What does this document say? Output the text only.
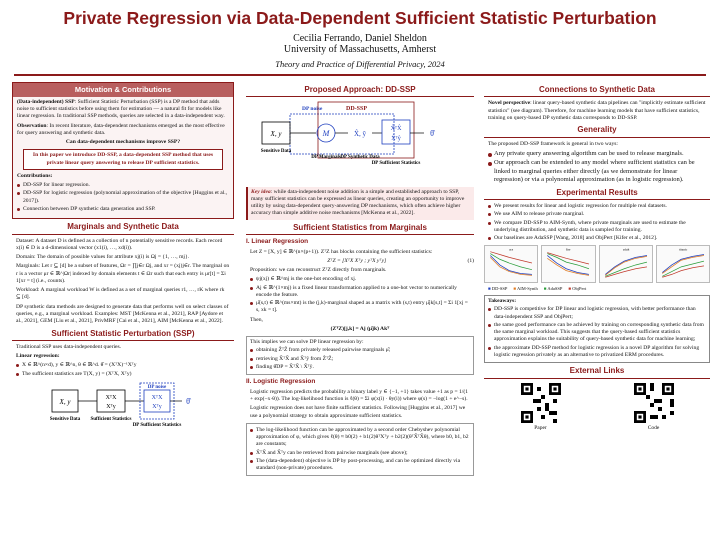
Private Regression via Data-Dependent Sufficient Statistic Perturbation
Cecilia Ferrando, Daniel Sheldon
University of Massachusetts, Amherst
Theory and Practice of Differential Privacy, 2024
Motivation & Contributions
(Data-independent) SSP: Sufficient Statistic Perturbation (SSP) is a DP method that adds noise to sufficient statistics before using them for estimation — a natural fit for models like linear regression. In traditional SSP methods, queries are selected in a data-independent way.
Observation: In recent literature, data-dependent mechanisms emerged as the most effective for query answering and synthetic data.
Can data-dependent mechanisms improve SSP?
In this paper we introduce DD-SSP, a data-dependent SSP method that uses private linear query answering to release DP sufficient statistics.
Contributions:
DD-SSP for linear regression.
DD-SSP for logistic regression (polynomial approximation of the objective [Huggins et al., 2017]).
Connection between DP synthetic data generation and SSP.
Marginals and Synthetic Data
Dataset: A dataset D is defined as a collection of n potentially sensitive records. Each record x(i) ∈ D is a d-dimensional vector (x1(i), …, xd(i)).
Domain: The domain of possible values for attribute xj(i) is Ωj = {1, …, mj}.
Marginals: Let r ⊆ [d] be a subset of features, Ωr = ∏j∈r Ωj, and xr = (xj)j∈r. The marginal on r is a vector μr ∈ ℝ^|Ωr| indexed by domain elements t ∈ Ωr such that each entry is μr[t] = Σi 1[xr = t] (i.e., counts).
Workload: A marginal workload W is defined as a set of marginal queries r1, …, rK where rk ⊆ [d].
DP synthetic data methods are designed to generate data that performs well on select classes of queries, e.g., a marginal workload. Examples: MST [McKenna et al., 2021], RAP [Aydore et al., 2021], GEM [Liu et al., 2021], PrivMRF [Cai et al., 2021], AIM [McKenna et al., 2022].
Sufficient Statistic Perturbation (SSP)
Traditional SSP uses data-independent queries.
Linear regression:
X ∈ ℝ^(n×d), y ∈ ℝ^n, θ ∈ ℝ^d. θ̂ = (XᵀX)⁻¹Xᵀy
The sufficient statistics are T(X, y) = (XᵀX, Xᵀy)
X, y
Sensitive Data
XᵀX
Xᵀy
Sufficient Statistics
DP noise
XᵀX
Xᵀy
DP Sufficient Statistics
θ̂
Proposed Approach: DD-SSP
DP noise	DD-SSP
X, y
Sensitive Data
M
DP Marginals
X̂, ŷ
DP Synthetic Data
X̂ᵀX̂
X̂ᵀŷ
DP Sufficient Statistics
θ̂
Key idea: while data-independent noise addition is a simple and established approach to SSP, many sufficient statistics can be expressed as linear queries, creating an opportunity to improve utility by using data-dependent query-answering DP mechanisms, which often achieve higher accuracy than simple additive noise mechanisms [McKenna et al., 2022].
Sufficient Statistics from Marginals
I. Linear Regression
Let Z = [X, y] ∈ ℝ^(n×(p+1)). ZᵀZ has blocks containing the sufficient statistics:
ZᵀZ = [XᵀX Xᵀy ; yᵀX yᵀy]	(1)
Proposition: we can reconstruct ZᵀZ directly from marginals.
ψj(xj) ∈ ℝ^mj is the one-hot encoding of xj.
Aj ∈ ℝ^(1×mj) is a fixed linear transformation applied to a one-hot vector to numerically encode the feature.
μ̂(s,t) ∈ ℝ^(ms×mt) is the (j,k)-marginal shaped as a matrix with (s,t) entry μ̂jk[s,t] = Σi 1[xj = s, xk = t].
Then,
(ZᵀZ)[j,k] = Aj (μ̂jk) Akᵀ
This implies we can solve DP linear regression by:
obtaining ẐᵀẐ from privately released pairwise marginals μ̂;
retrieving X̂ᵀX̂ and X̂ᵀŷ from ẐᵀẐ;
finding θ̂DP = X̂ᵀX̂ \ X̂ᵀŷ.
II. Logistic Regression
Logistic regression predicts the probability a binary label y ∈ {−1, +1} takes value +1 as p = 1/(1 + exp(−x·θ)). The log-likelihood function is ℓ(θ) = Σi φ(x(i) · θy(i)) where φ(s) = −log(1 + e^−s).
Logistic regression does not have finite sufficient statistics. Following [Huggins et al., 2017] we use a polynomial strategy to obtain approximate sufficient statistics.
The log-likelihood function can be approximated by a second order Chebyshev polynomial approximation of φ, which gives ℓ(θ) ≈ b0(2) + b1(2)θᵀXᵀy + b2(2)(θᵀX̃ᵀX̃θ), where b0, b1, b2 are constants;
X̃ᵀX̃ and X̃ᵀy can be retrieved from pairwise marginals (see above);
The (data-dependent) objective is DP by post-processing, and can be optimized directly via standard (non-private) procedures.
Connections to Synthetic Data
Novel perspective: linear query-based synthetic data pipelines can "implicitly estimate sufficient statistics" (see diagram). Therefore, for machine learning models that have sufficient statistics, training on query-based DP synthetic data corresponds to DD-SSP.
Generality
The proposed DD-SSP framework is general in two ways:
Any private query answering algorithm can be used to release marginals.
Our approach can be extended to any model where sufficient statistics can be linked to marginal queries either directly (as we demonstrate for linear regression) or via a polynomial approximation (as in logistic regression).
Experimental Results
We present results for linear and logistic regression for multiple real datasets.
We use AIM to release private marginal.
We compare DD-SSP to AIM-Synth, where private marginals are used to estimate the underlying distribution, and synthetic data is sampled for training.
Our baselines are AdaSSP [Wang, 2018] and ObjPert [Kifer et al., 2012].
acs	fire	adult	titanic
■ DD-SSP ■ AIM-Synth ■ AdaSSP ■ ObjPert
Takeaways:
DD-SSP is competitive for DP linear and logistic regression, with better performance than data-independent SSP and ObjPert;
the same good performance can be achieved by training on corresponding synthetic data from the same marginal workload. This suggests that the query-based sufficient statistics approximation explains the suitability of query-based synthetic data for machine learning;
the approximate DD-SSP method for logistic regression is a novel DP algorithm for solving logistic regression privately as an alternative to privatized ERM procedures.
External Links
Paper	Code
